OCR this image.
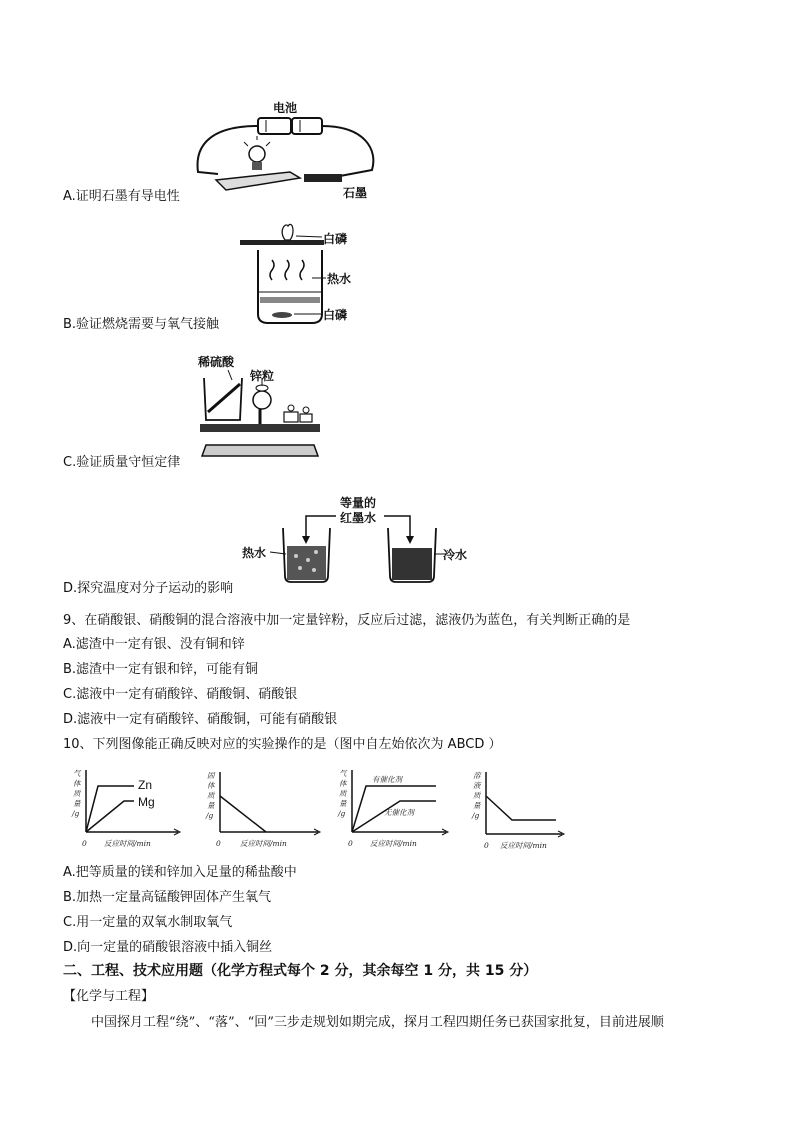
电池
石墨
A.证明石墨有导电性
白磷
热水
白磷
B.验证燃烧需要与氧气接触
稀硫酸
锌粒
C.验证质量守恒定律
等量的
红墨水
热水	冷水
D.探究温度对分子运动的影响
9、在硝酸银、硝酸铜的混合溶液中加一定量锌粉，反应后过滤，滤液仍为蓝色，有关判断正确的是
A.滤渣中一定有银、没有铜和锌
B.滤渣中一定有银和锌，可能有铜
C.滤液中一定有硝酸锌、硝酸铜、硝酸银
D.滤液中一定有硝酸锌、硝酸铜，可能有硝酸银
10、下列图像能正确反映对应的实验操作的是（图中自左始依次为 ABCD ）
气
体
质
量
/g
Zn
Mg
0 反应时间/min
固
体
质
量
/g
0	反应时间/min
气
体
质
量
/g
有催化剂
无催化剂
0 反应时间/min
溶
液
质
量
/g
0 反应时间/min
A.把等质量的镁和锌加入足量的稀盐酸中
B.加热一定量高锰酸钾固体产生氧气
C.用一定量的双氧水制取氧气
D.向一定量的硝酸银溶液中插入铜丝
二、工程、技术应用题（化学方程式每个 2 分，其余每空 1 分，共 15 分）
【化学与工程】
中国探月工程“绕”、“落”、“回”三步走规划如期完成，探月工程四期任务已获国家批复，目前进展顺
